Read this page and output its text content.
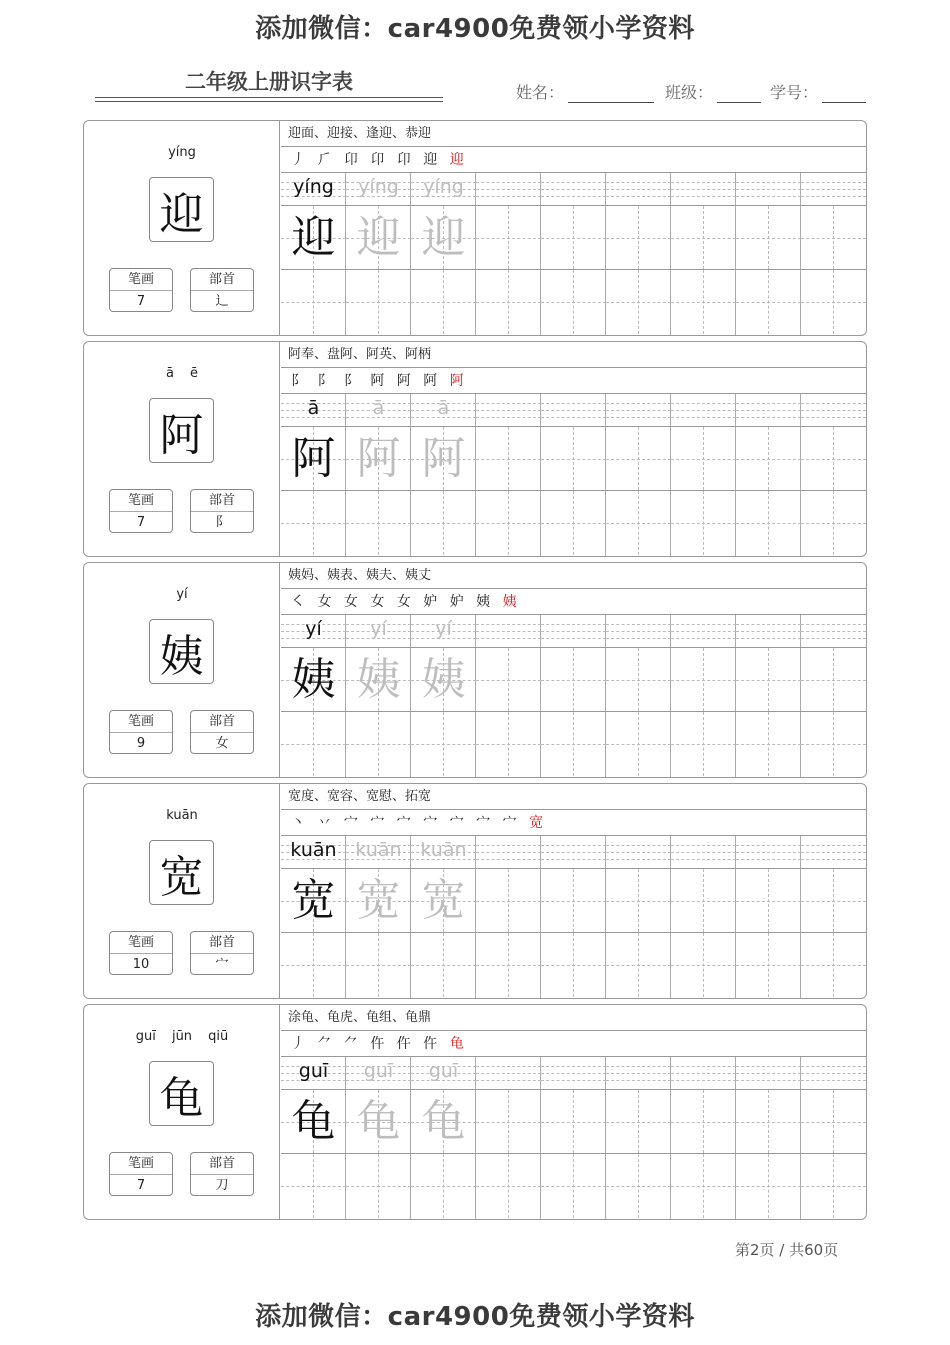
添加微信：car4900免费领小学资料
二年级上册识字表	姓名：	班级：	学号：
yíng
迎
笔画
7
部首
辶
迎面、迎接、逢迎、恭迎
丿 ⺁ 卬 卬 卬 迎 迎
yíng
迎
yíng
迎
yíng
迎
ā ē
阿
笔画
7
部首
阝
阿奉、盘阿、阿英、阿柄
阝 阝 阝 阿 阿 阿 阿
ā
阿
ā
阿
ā
阿
yí
姨
笔画
9
部首
女
姨妈、姨表、姨夫、姨丈
㇛ 女 女 女 女 妒 妒 姨 姨
yí
姨
yí
姨
yí
姨
kuān
宽
笔画
10
部首
宀
宽度、宽容、宽慰、拓宽
丶 丷 宀 宀 宀 宀 宀 宀 宀 宽
kuān
宽
kuān
宽
kuān
宽
guī jūn qiū
龟
笔画
7
部首
刀
涂龟、龟虎、龟组、龟鼎
丿 ⺈ ⺈ 仵 仵 仵 龟
guī
龟
guī
龟
guī
龟
第2页 / 共60页
添加微信：car4900免费领小学资料
